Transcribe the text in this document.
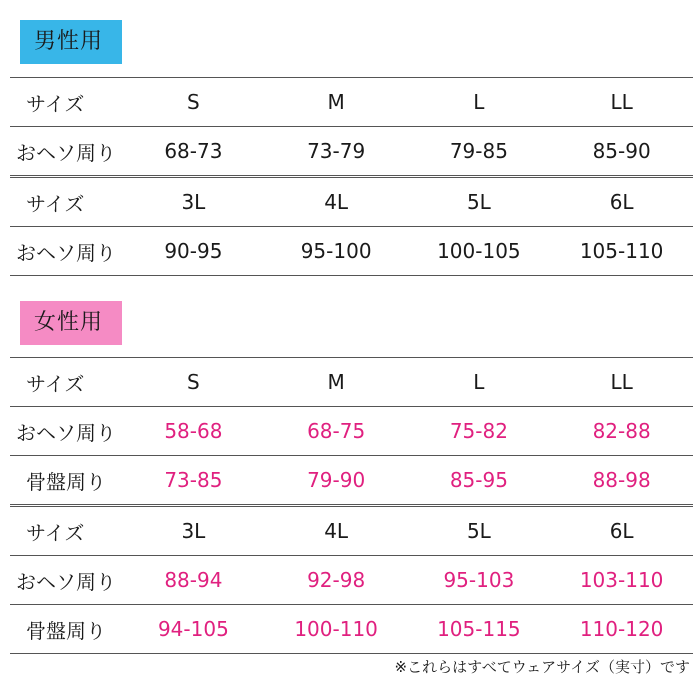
男性用
サイズ	S	M	L	LL
おヘソ周り	68-73	73-79	79-85	85-90
サイズ	3L	4L	5L	6L
おヘソ周り	90-95	95-100	100-105	105-110
女性用
サイズ	S	M	L	LL
おヘソ周り	58-68	68-75	75-82	82-88
骨盤周り	73-85	79-90	85-95	88-98
サイズ	3L	4L	5L	6L
おヘソ周り	88-94	92-98	95-103	103-110
骨盤周り	94-105	100-110	105-115	110-120
※これらはすべてウェアサイズ（実寸）です
